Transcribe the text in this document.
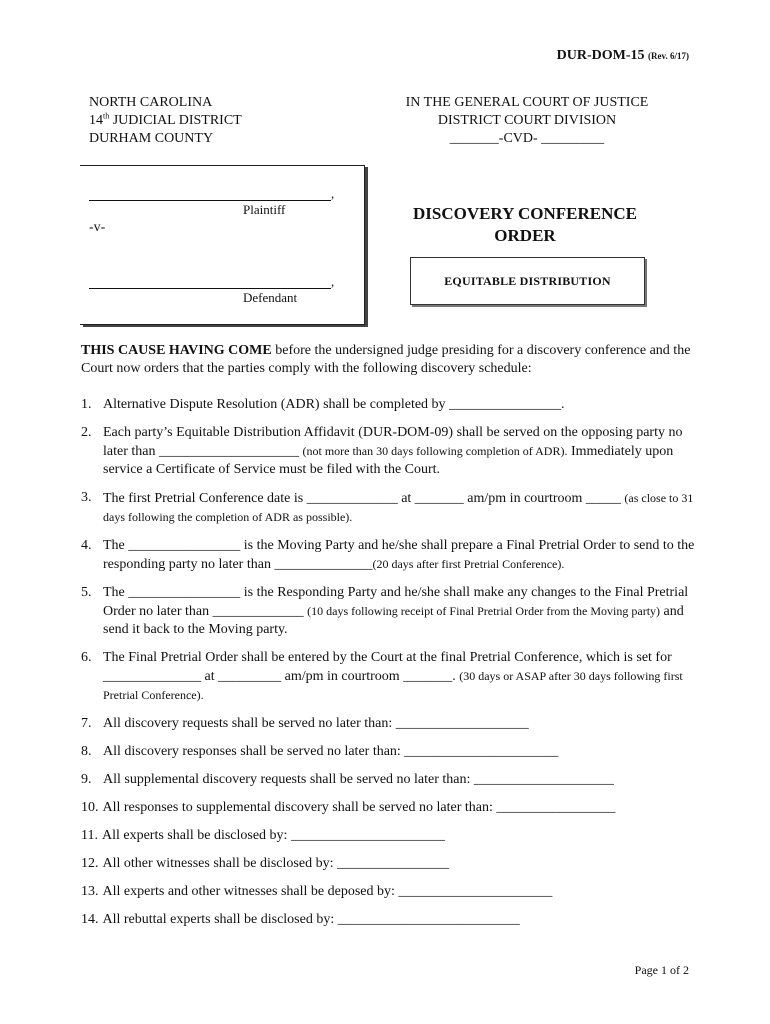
DUR-DOM-15 (Rev. 6/17)
NORTH CAROLINA
14th JUDICIAL DISTRICT
DURHAM COUNTY
IN THE GENERAL COURT OF JUSTICE
DISTRICT COURT DIVISION
_______-CVD- _________
,
Plaintiff
-v-
,
Defendant
DISCOVERY CONFERENCE
ORDER
EQUITABLE DISTRIBUTION
THIS CAUSE HAVING COME before the undersigned judge presiding for a discovery conference and the Court now orders that the parties comply with the following discovery schedule:
1. Alternative Dispute Resolution (ADR) shall be completed by ________________.
2. Each party’s Equitable Distribution Affidavit (DUR-DOM-09) shall be served on the opposing party no later than ____________________ (not more than 30 days following completion of ADR). Immediately upon service a Certificate of Service must be filed with the Court.
3. The first Pretrial Conference date is _____________ at _______ am/pm in courtroom _____ (as close to 31 days following the completion of ADR as possible).
4. The ________________ is the Moving Party and he/she shall prepare a Final Pretrial Order to send to the responding party no later than ______________(20 days after first Pretrial Conference).
5. The ________________ is the Responding Party and he/she shall make any changes to the Final Pretrial Order no later than _____________ (10 days following receipt of Final Pretrial Order from the Moving party) and send it back to the Moving party.
6. The Final Pretrial Order shall be entered by the Court at the final Pretrial Conference, which is set for ______________ at _________ am/pm in courtroom _______. (30 days or ASAP after 30 days following first Pretrial Conference).
7. All discovery requests shall be served no later than: ___________________
8. All discovery responses shall be served no later than: ______________________
9. All supplemental discovery requests shall be served no later than: ____________________
10. All responses to supplemental discovery shall be served no later than: _________________
11. All experts shall be disclosed by: ______________________
12. All other witnesses shall be disclosed by: ________________
13. All experts and other witnesses shall be deposed by: ______________________
14. All rebuttal experts shall be disclosed by: __________________________
Page 1 of 2
